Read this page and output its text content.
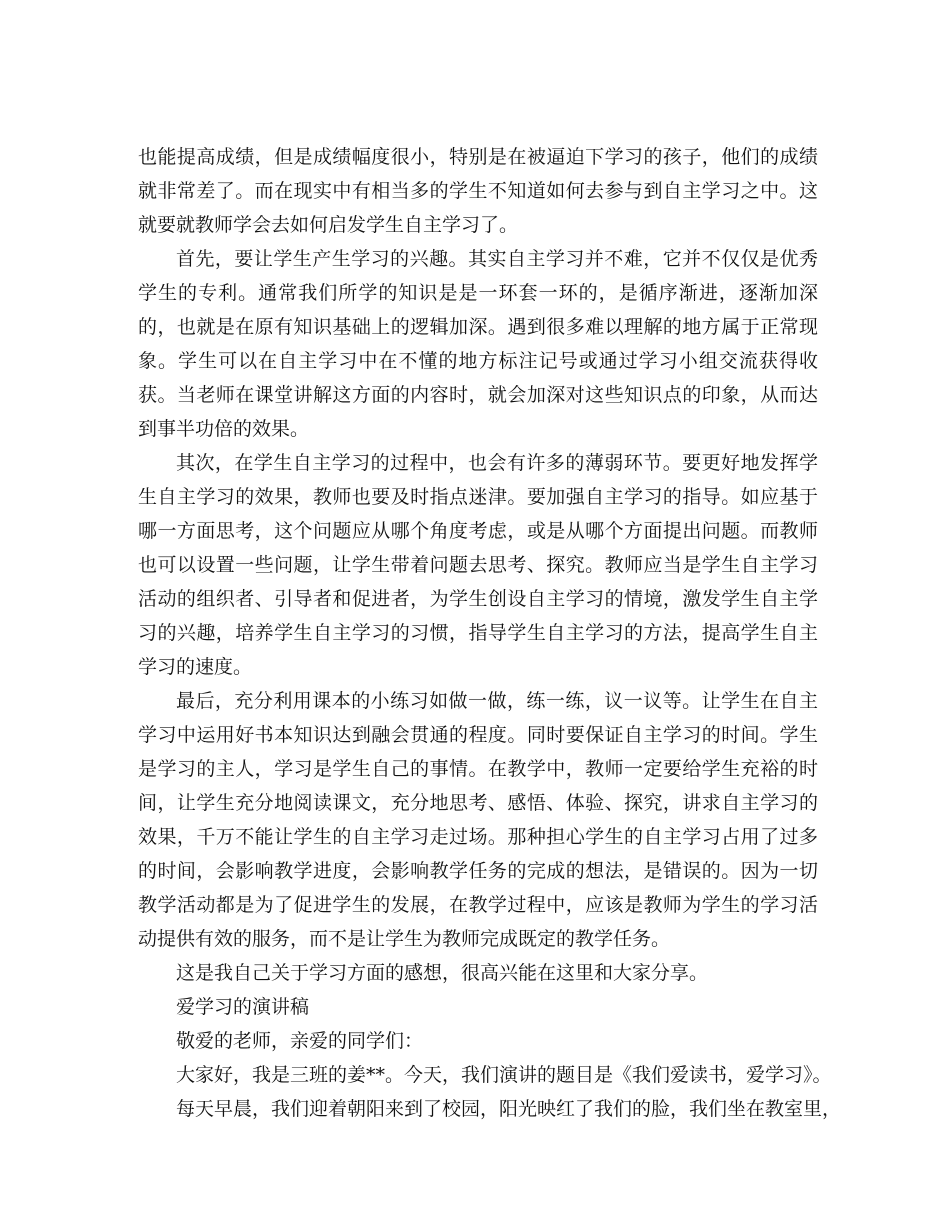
也能提高成绩，但是成绩幅度很小，特别是在被逼迫下学习的孩子，他们的成绩就非常差了。而在现实中有相当多的学生不知道如何去参与到自主学习之中。这就要就教师学会去如何启发学生自主学习了。

首先，要让学生产生学习的兴趣。其实自主学习并不难，它并不仅仅是优秀学生的专利。通常我们所学的知识是是一环套一环的，是循序渐进，逐渐加深的，也就是在原有知识基础上的逻辑加深。遇到很多难以理解的地方属于正常现象。学生可以在自主学习中在不懂的地方标注记号或通过学习小组交流获得收获。当老师在课堂讲解这方面的内容时，就会加深对这些知识点的印象，从而达到事半功倍的效果。

其次，在学生自主学习的过程中，也会有许多的薄弱环节。要更好地发挥学生自主学习的效果，教师也要及时指点迷津。要加强自主学习的指导。如应基于哪一方面思考，这个问题应从哪个角度考虑，或是从哪个方面提出问题。而教师也可以设置一些问题，让学生带着问题去思考、探究。教师应当是学生自主学习活动的组织者、引导者和促进者，为学生创设自主学习的情境，激发学生自主学习的兴趣，培养学生自主学习的习惯，指导学生自主学习的方法，提高学生自主学习的速度。

最后，充分利用课本的小练习如做一做，练一练，议一议等。让学生在自主学习中运用好书本知识达到融会贯通的程度。同时要保证自主学习的时间。学生是学习的主人，学习是学生自己的事情。在教学中，教师一定要给学生充裕的时间，让学生充分地阅读课文，充分地思考、感悟、体验、探究，讲求自主学习的效果，千万不能让学生的自主学习走过场。那种担心学生的自主学习占用了过多的时间，会影响教学进度，会影响教学任务的完成的想法，是错误的。因为一切教学活动都是为了促进学生的发展，在教学过程中，应该是教师为学生的学习活动提供有效的服务，而不是让学生为教师完成既定的教学任务。

这是我自己关于学习方面的感想，很高兴能在这里和大家分享。

爱学习的演讲稿

敬爱的老师，亲爱的同学们：

大家好，我是三班的姜**。今天，我们演讲的题目是《我们爱读书，爱学习》。

每天早晨，我们迎着朝阳来到了校园，阳光映红了我们的脸，我们坐在教室里，
